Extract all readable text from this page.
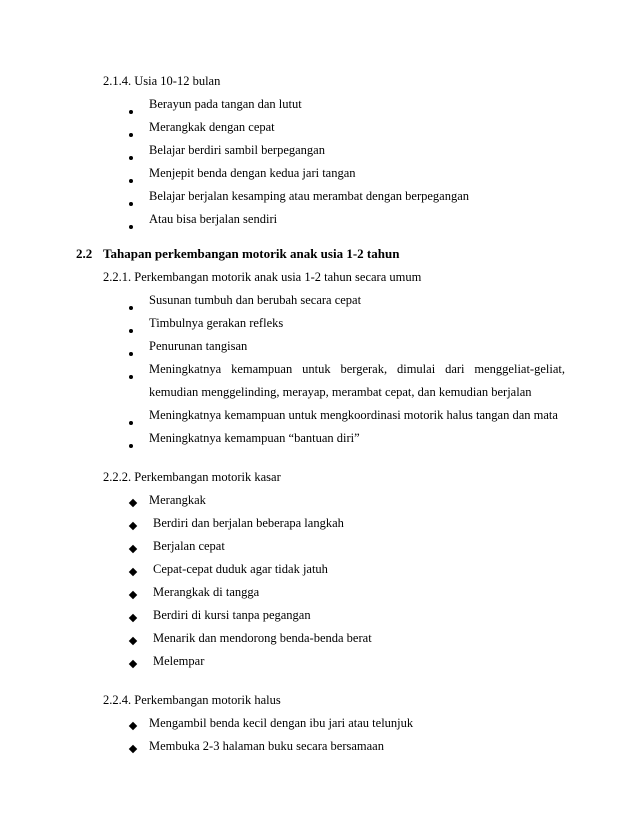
2.1.4. Usia 10-12 bulan
Berayun pada tangan dan lutut
Merangkak dengan cepat
Belajar berdiri sambil berpegangan
Menjepit benda dengan kedua jari tangan
Belajar berjalan kesamping atau merambat dengan berpegangan
Atau bisa berjalan sendiri
2.2 Tahapan perkembangan motorik anak usia 1-2 tahun
2.2.1. Perkembangan motorik anak usia 1-2 tahun secara umum
Susunan tumbuh dan berubah secara cepat
Timbulnya gerakan refleks
Penurunan tangisan
Meningkatnya kemampuan untuk bergerak, dimulai dari menggeliat-geliat,
kemudian menggelinding, merayap, merambat cepat, dan kemudian berjalan
Meningkatnya kemampuan untuk mengkoordinasi motorik halus tangan dan mata
Meningkatnya kemampuan “bantuan diri”
2.2.2. Perkembangan motorik kasar
Merangkak
Berdiri dan berjalan beberapa langkah
Berjalan cepat
Cepat-cepat duduk agar tidak jatuh
Merangkak di tangga
Berdiri di kursi tanpa pegangan
Menarik dan mendorong benda-benda berat
Melempar
2.2.4. Perkembangan motorik halus
Mengambil benda kecil dengan ibu jari atau telunjuk
Membuka 2-3 halaman buku secara bersamaan
